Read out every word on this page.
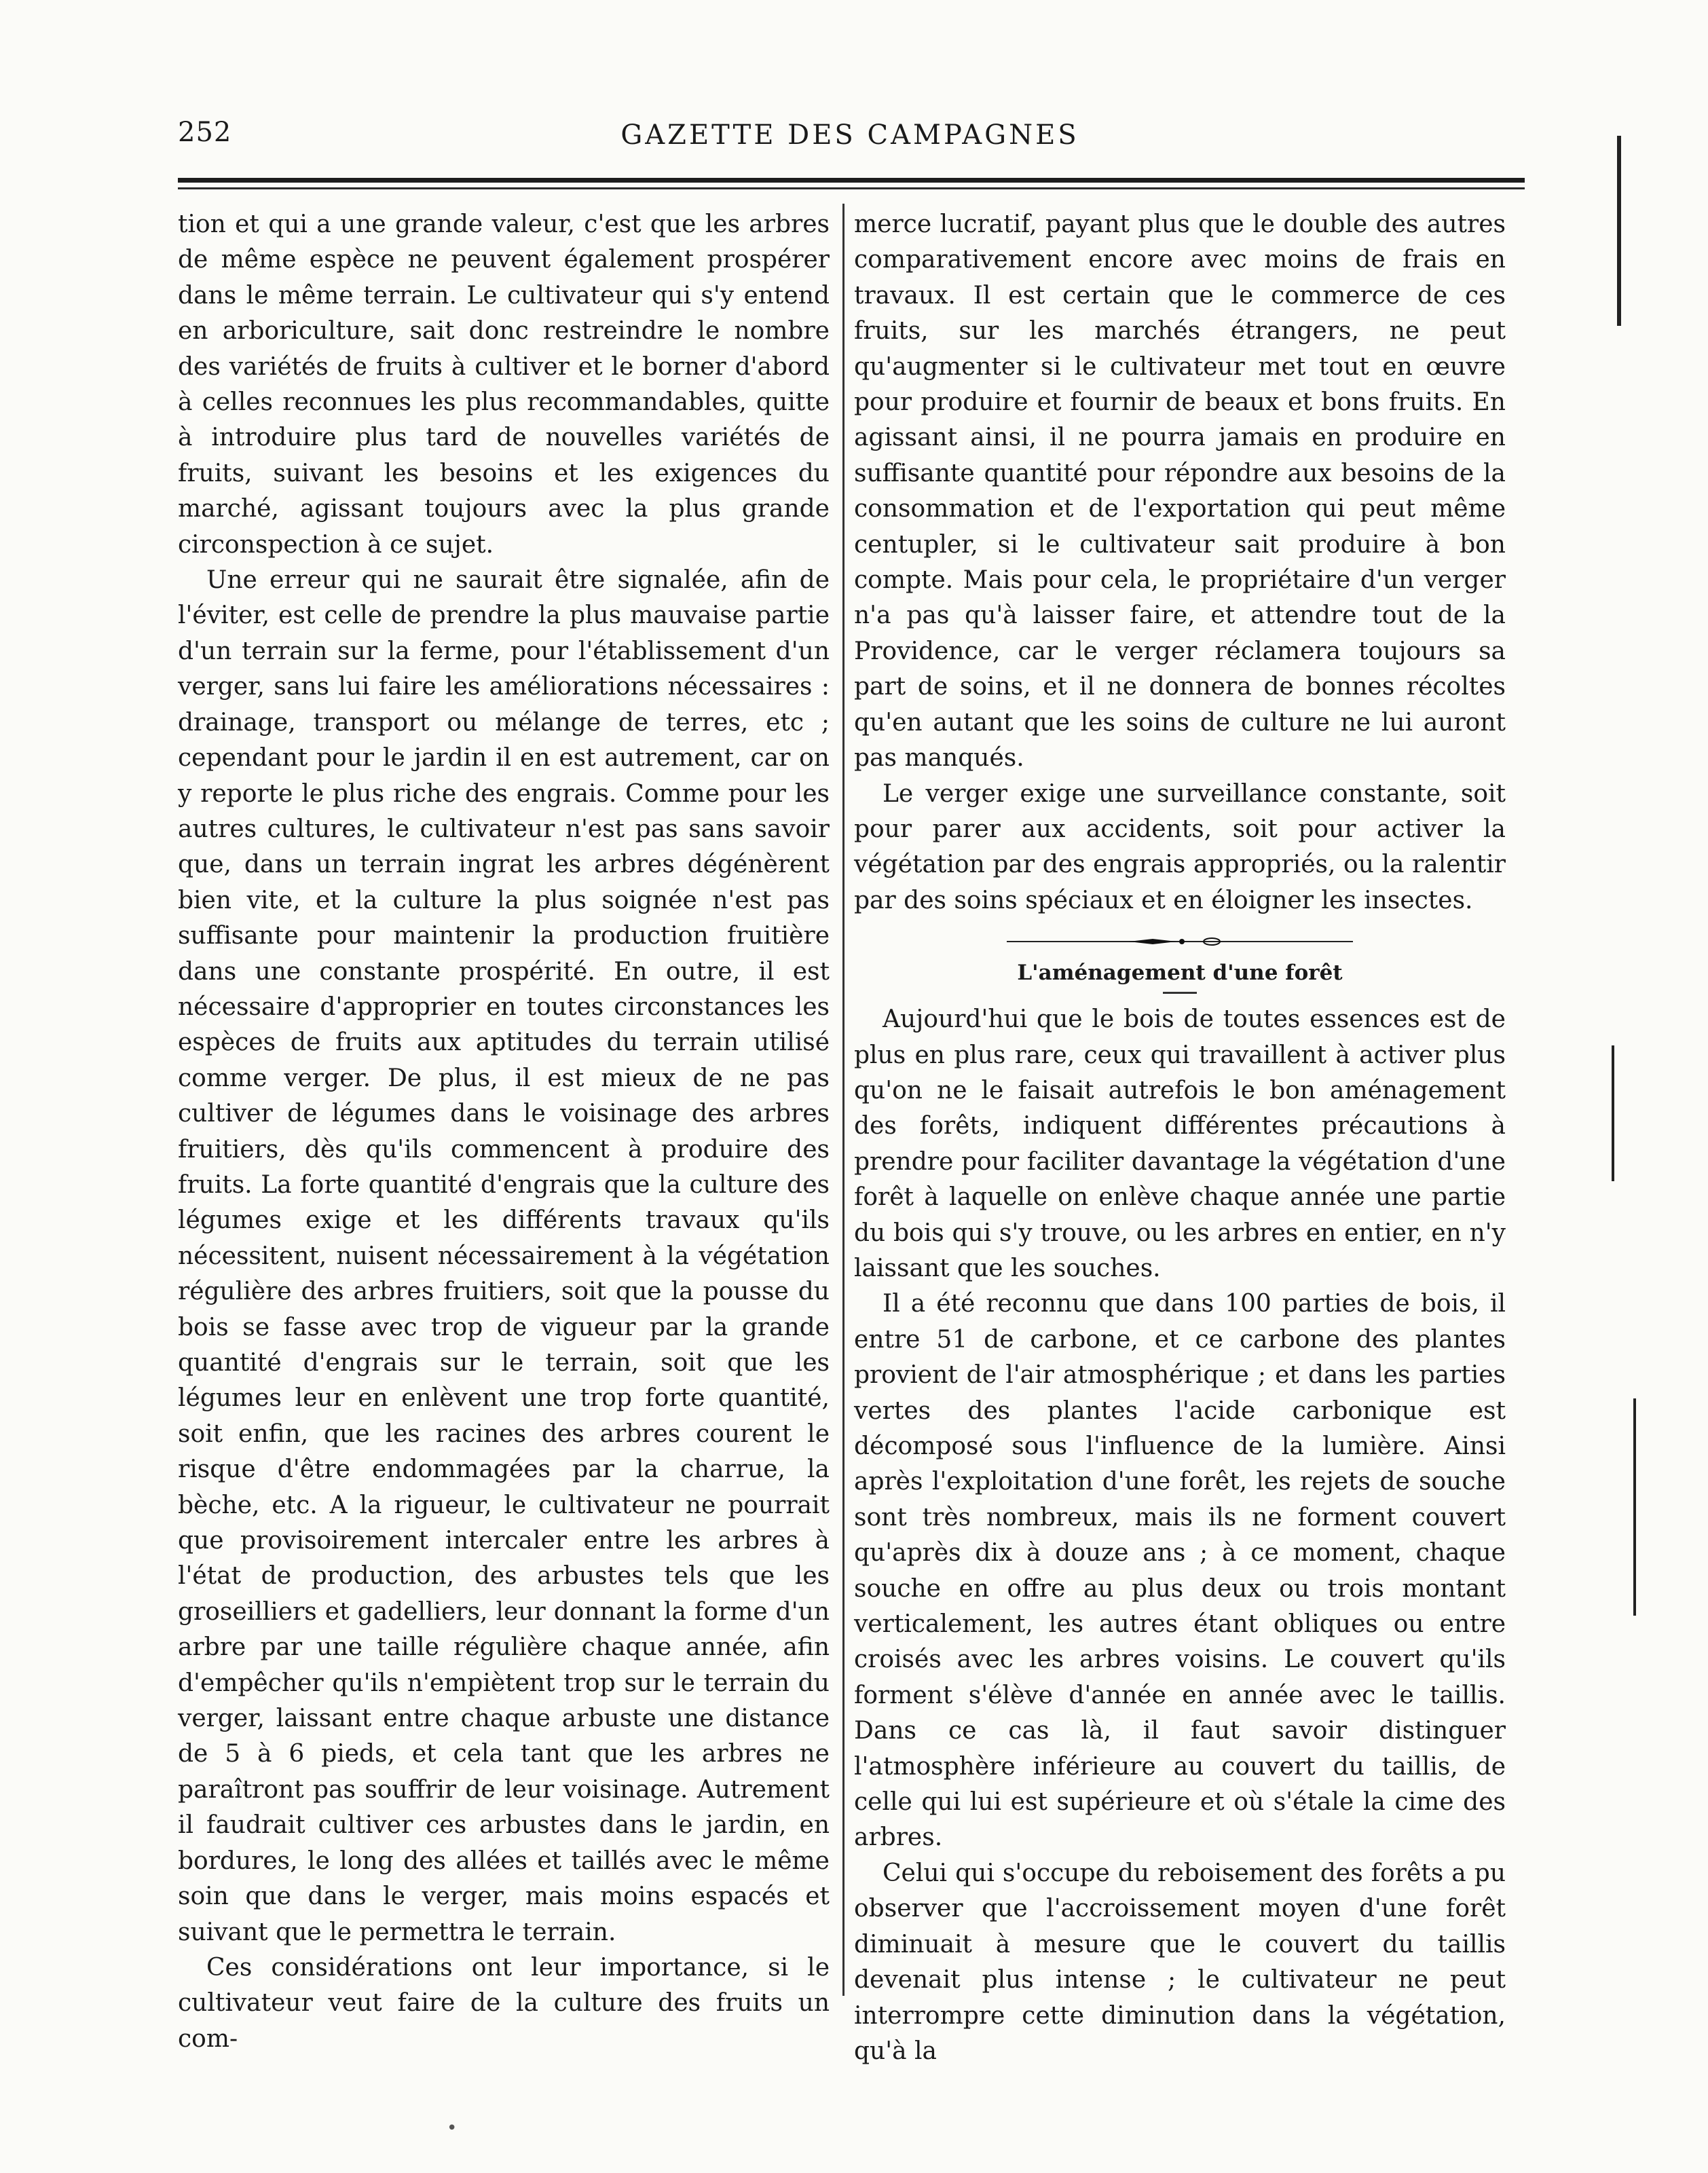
252	GAZETTE DES CAMPAGNES

tion et qui a une grande valeur, c'est que les arbres de même espèce ne peuvent également prospérer dans le même terrain. Le cultivateur qui s'y entend en arboriculture, sait donc restreindre le nombre des variétés de fruits à cultiver et le borner d'abord à celles reconnues les plus recommandables, quitte à introduire plus tard de nouvelles variétés de fruits, suivant les besoins et les exigences du marché, agissant toujours avec la plus grande circonspection à ce sujet.

Une erreur qui ne saurait être signalée, afin de l'éviter, est celle de prendre la plus mauvaise partie d'un terrain sur la ferme, pour l'établissement d'un verger, sans lui faire les améliorations nécessaires : drainage, transport ou mélange de terres, etc ; cependant pour le jardin il en est autrement, car on y reporte le plus riche des engrais. Comme pour les autres cultures, le cultivateur n'est pas sans savoir que, dans un terrain ingrat les arbres dégénèrent bien vite, et la culture la plus soignée n'est pas suffisante pour maintenir la production fruitière dans une constante prospérité. En outre, il est nécessaire d'approprier en toutes circonstances les espèces de fruits aux aptitudes du terrain utilisé comme verger. De plus, il est mieux de ne pas cultiver de légumes dans le voisinage des arbres fruitiers, dès qu'ils commencent à produire des fruits. La forte quantité d'engrais que la culture des légumes exige et les différents travaux qu'ils nécessitent, nuisent nécessairement à la végétation régulière des arbres fruitiers, soit que la pousse du bois se fasse avec trop de vigueur par la grande quantité d'engrais sur le terrain, soit que les légumes leur en enlèvent une trop forte quantité, soit enfin, que les racines des arbres courent le risque d'être endommagées par la charrue, la bèche, etc. A la rigueur, le cultivateur ne pourrait que provisoirement intercaler entre les arbres à l'état de production, des arbustes tels que les groseilliers et gadelliers, leur donnant la forme d'un arbre par une taille régulière chaque année, afin d'empêcher qu'ils n'empiètent trop sur le terrain du verger, laissant entre chaque arbuste une distance de 5 à 6 pieds, et cela tant que les arbres ne paraîtront pas souffrir de leur voisinage. Autrement il faudrait cultiver ces arbustes dans le jardin, en bordures, le long des allées et taillés avec le même soin que dans le verger, mais moins espacés et suivant que le permettra le terrain.

Ces considérations ont leur importance, si le cultivateur veut faire de la culture des fruits un com-

merce lucratif, payant plus que le double des autres comparativement encore avec moins de frais en travaux. Il est certain que le commerce de ces fruits, sur les marchés étrangers, ne peut qu'augmenter si le cultivateur met tout en œuvre pour produire et fournir de beaux et bons fruits. En agissant ainsi, il ne pourra jamais en produire en suffisante quantité pour répondre aux besoins de la consommation et de l'exportation qui peut même centupler, si le cultivateur sait produire à bon compte. Mais pour cela, le propriétaire d'un verger n'a pas qu'à laisser faire, et attendre tout de la Providence, car le verger réclamera toujours sa part de soins, et il ne donnera de bonnes récoltes qu'en autant que les soins de culture ne lui auront pas manqués.

Le verger exige une surveillance constante, soit pour parer aux accidents, soit pour activer la végétation par des engrais appropriés, ou la ralentir par des soins spéciaux et en éloigner les insectes.

L'aménagement d'une forêt

Aujourd'hui que le bois de toutes essences est de plus en plus rare, ceux qui travaillent à activer plus qu'on ne le faisait autrefois le bon aménagement des forêts, indiquent différentes précautions à prendre pour faciliter davantage la végétation d'une forêt à laquelle on enlève chaque année une partie du bois qui s'y trouve, ou les arbres en entier, en n'y laissant que les souches.

Il a été reconnu que dans 100 parties de bois, il entre 51 de carbone, et ce carbone des plantes provient de l'air atmosphérique ; et dans les parties vertes des plantes l'acide carbonique est décomposé sous l'influence de la lumière. Ainsi après l'exploitation d'une forêt, les rejets de souche sont très nombreux, mais ils ne forment couvert qu'après dix à douze ans ; à ce moment, chaque souche en offre au plus deux ou trois montant verticalement, les autres étant obliques ou entre croisés avec les arbres voisins. Le couvert qu'ils forment s'élève d'année en année avec le taillis. Dans ce cas là, il faut savoir distinguer l'atmosphère inférieure au couvert du taillis, de celle qui lui est supérieure et où s'étale la cime des arbres.

Celui qui s'occupe du reboisement des forêts a pu observer que l'accroissement moyen d'une forêt diminuait à mesure que le couvert du taillis devenait plus intense ; le cultivateur ne peut interrompre cette diminution dans la végétation, qu'à la

•
